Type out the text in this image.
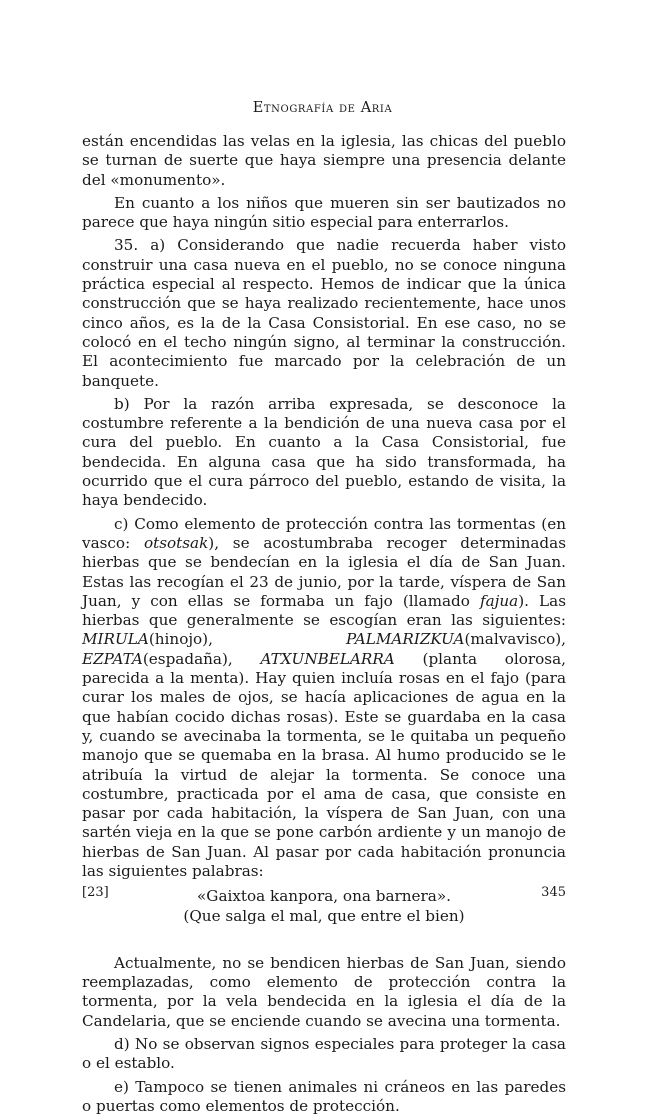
Etnografía de Aria

están encendidas las velas en la iglesia, las chicas del pueblo se turnan de suerte que haya siempre una presencia delante del «monumento».

En cuanto a los niños que mueren sin ser bautizados no parece que haya ningún sitio especial para enterrarlos.

35. a) Considerando que nadie recuerda haber visto construir una casa nueva en el pueblo, no se conoce ninguna práctica especial al respecto. Hemos de indicar que la única construcción que se haya realizado recientemente, hace unos cinco años, es la de la Casa Consistorial. En ese caso, no se colocó en el techo ningún signo, al terminar la construcción. El acontecimiento fue marcado por la celebración de un banquete.

b) Por la razón arriba expresada, se desconoce la costumbre referente a la bendición de una nueva casa por el cura del pueblo. En cuanto a la Casa Consistorial, fue bendecida. En alguna casa que ha sido transformada, ha ocurrido que el cura párroco del pueblo, estando de visita, la haya bendecido.

c) Como elemento de protección contra las tormentas (en vasco: otsotsak), se acostumbraba recoger determinadas hierbas que se bendecían en la iglesia el día de San Juan. Estas las recogían el 23 de junio, por la tarde, víspera de San Juan, y con ellas se formaba un fajo (llamado fajua). Las hierbas que generalmente se escogían eran las siguientes: MIRULA(hinojo), PALMARIZKUA(malvavisco), EZPATA(espadaña), ATXUNBELARRA (planta olorosa, parecida a la menta). Hay quien incluía rosas en el fajo (para curar los males de ojos, se hacía aplicaciones de agua en la que habían cocido dichas rosas). Este se guardaba en la casa y, cuando se avecinaba la tormenta, se le quitaba un pequeño manojo que se quemaba en la brasa. Al humo producido se le atribuía la virtud de alejar la tormenta. Se conoce una costumbre, practicada por el ama de casa, que consiste en pasar por cada habitación, la víspera de San Juan, con una sartén vieja en la que se pone carbón ardiente y un manojo de hierbas de San Juan. Al pasar por cada habitación pronuncia las siguientes palabras:

«Gaixtoa kanpora, ona barnera».
(Que salga el mal, que entre el bien)

Actualmente, no se bendicen hierbas de San Juan, siendo reemplazadas, como elemento de protección contra la tormenta, por la vela bendecida en la iglesia el día de la Candelaria, que se enciende cuando se avecina una tormenta.

d) No se observan signos especiales para proteger la casa o el establo.

e) Tampoco se tienen animales ni cráneos en las paredes o puertas como elementos de protección.

[23]	345
